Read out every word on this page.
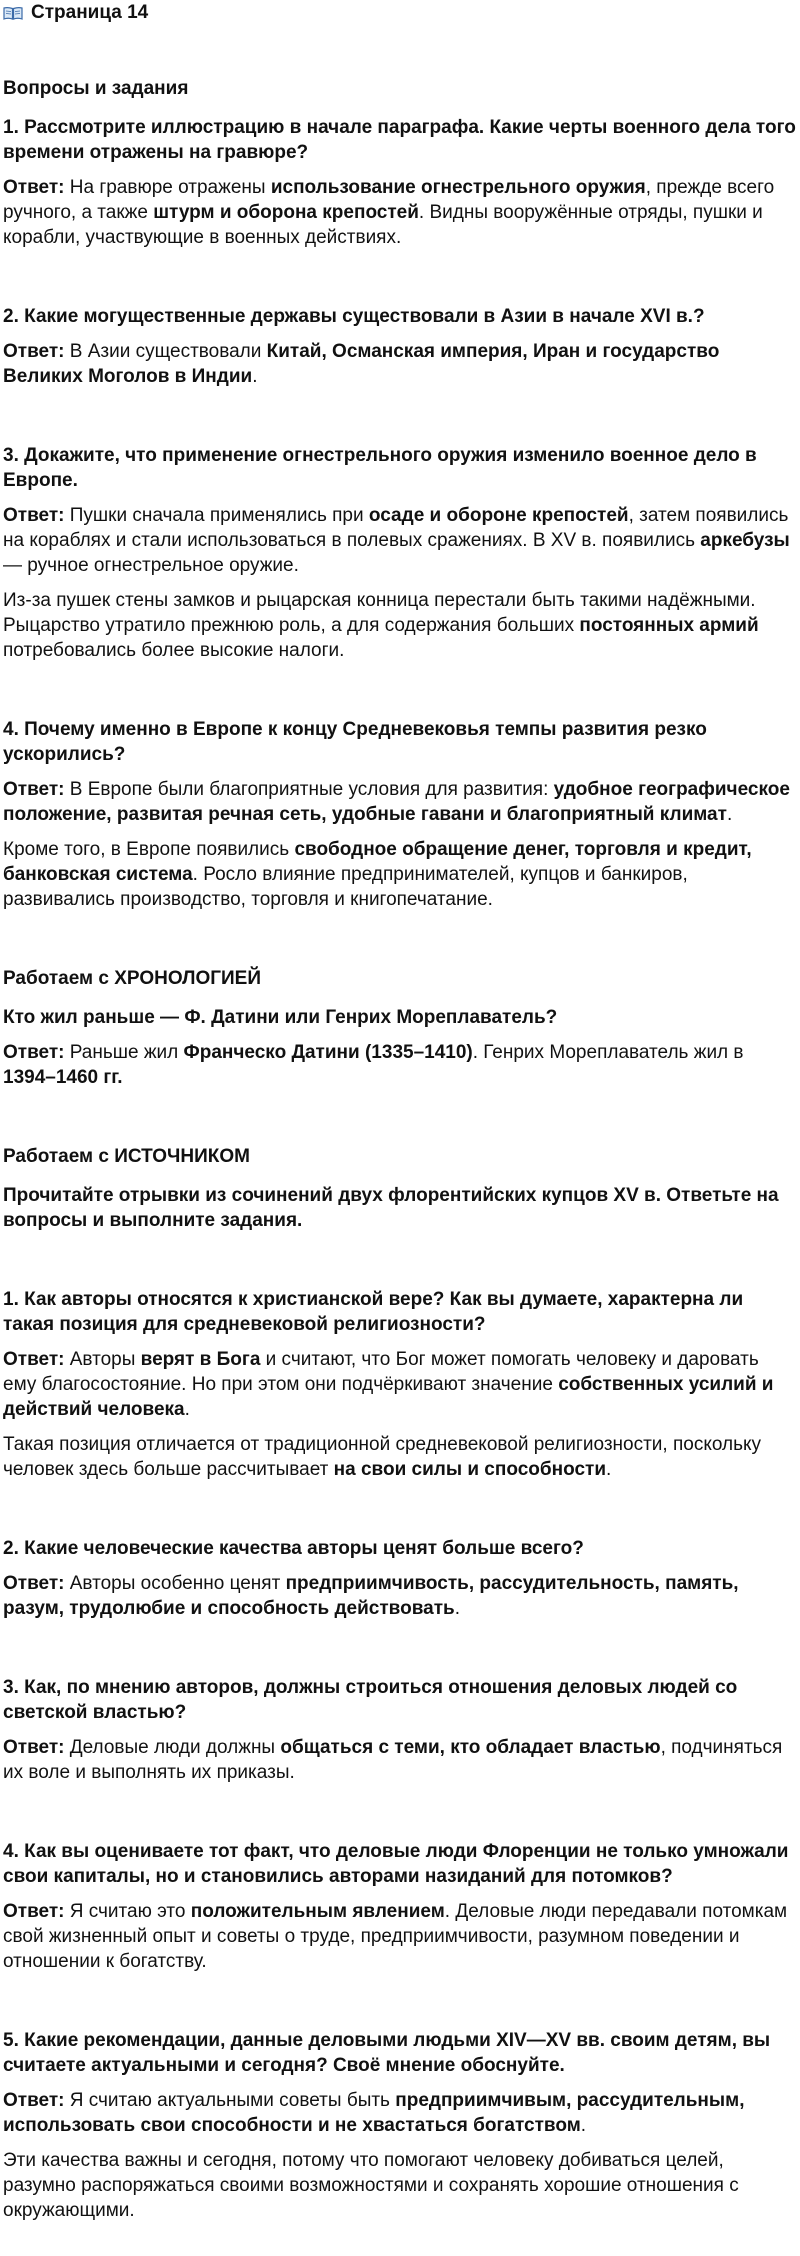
Страница 14
Вопросы и задания
1. Рассмотрите иллюстрацию в начале параграфа. Какие черты военного дела того времени отражены на гравюре?

Ответ: На гравюре отражены использование огнестрельного оружия, прежде всего ручного, а также штурм и оборона крепостей. Видны вооружённые отряды, пушки и корабли, участвующие в военных действиях.

2. Какие могущественные державы существовали в Азии в начале XVI в.?

Ответ: В Азии существовали Китай, Османская империя, Иран и государство Великих Моголов в Индии.

3. Докажите, что применение огнестрельного оружия изменило военное дело в Европе.

Ответ: Пушки сначала применялись при осаде и обороне крепостей, затем появились на кораблях и стали использоваться в полевых сражениях. В XV в. появились аркебузы — ручное огнестрельное оружие.

Из-за пушек стены замков и рыцарская конница перестали быть такими надёжными. Рыцарство утратило прежнюю роль, а для содержания больших постоянных армий потребовались более высокие налоги.

4. Почему именно в Европе к концу Средневековья темпы развития резко ускорились?

Ответ: В Европе были благоприятные условия для развития: удобное географическое положение, развитая речная сеть, удобные гавани и благоприятный климат.

Кроме того, в Европе появились свободное обращение денег, торговля и кредит, банковская система. Росло влияние предпринимателей, купцов и банкиров, развивались производство, торговля и книгопечатание.

Работаем с ХРОНОЛОГИЕЙ
Кто жил раньше — Ф. Датини или Генрих Мореплаватель?

Ответ: Раньше жил Франческо Датини (1335–1410). Генрих Мореплаватель жил в 1394–1460 гг.

Работаем с ИСТОЧНИКОМ
Прочитайте отрывки из сочинений двух флорентийских купцов XV в. Ответьте на вопросы и выполните задания.
1. Как авторы относятся к христианской вере? Как вы думаете, характерна ли такая позиция для средневековой религиозности?

Ответ: Авторы верят в Бога и считают, что Бог может помогать человеку и даровать ему благосостояние. Но при этом они подчёркивают значение собственных усилий и действий человека.

Такая позиция отличается от традиционной средневековой религиозности, поскольку человек здесь больше рассчитывает на свои силы и способности.

2. Какие человеческие качества авторы ценят больше всего?

Ответ: Авторы особенно ценят предприимчивость, рассудительность, память, разум, трудолюбие и способность действовать.

3. Как, по мнению авторов, должны строиться отношения деловых людей со светской властью?

Ответ: Деловые люди должны общаться с теми, кто обладает властью, подчиняться их воле и выполнять их приказы.

4. Как вы оцениваете тот факт, что деловые люди Флоренции не только умножали свои капиталы, но и становились авторами назиданий для потомков?

Ответ: Я считаю это положительным явлением. Деловые люди передавали потомкам свой жизненный опыт и советы о труде, предприимчивости, разумном поведении и отношении к богатству.

5. Какие рекомендации, данные деловыми людьми XIV—XV вв. своим детям, вы считаете актуальными и сегодня? Своё мнение обоснуйте.

Ответ: Я считаю актуальными советы быть предприимчивым, рассудительным, использовать свои способности и не хвастаться богатством.

Эти качества важны и сегодня, потому что помогают человеку добиваться целей, разумно распоряжаться своими возможностями и сохранять хорошие отношения с окружающими.
